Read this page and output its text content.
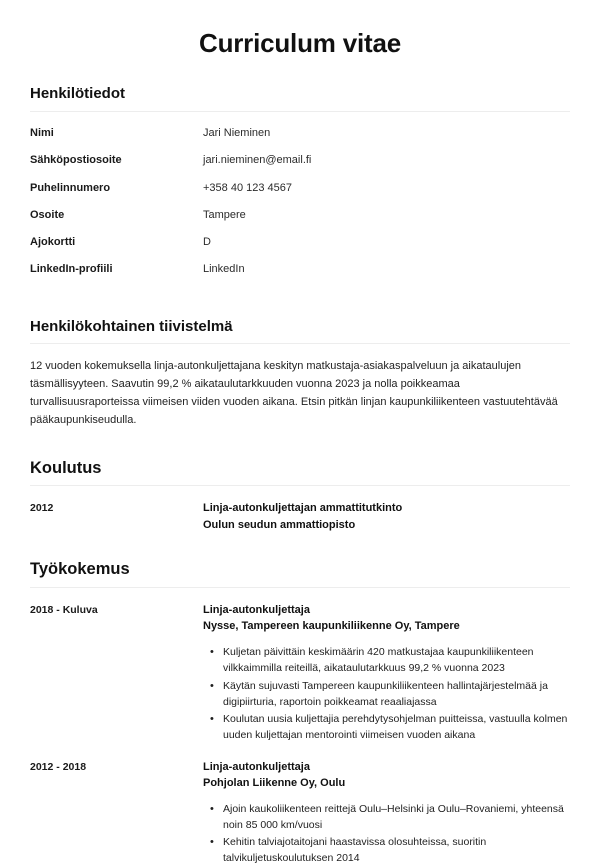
Curriculum vitae
Henkilötiedot
Nimi	Jari Nieminen
Sähköpostiosoite	jari.nieminen@email.fi
Puhelinnumero	+358 40 123 4567
Osoite	Tampere
Ajokortti	D
LinkedIn-profiili	LinkedIn
Henkilökohtainen tiivistelmä

12 vuoden kokemuksella linja-autonkuljettajana keskityn matkustaja-asiakaspalveluun ja aikataulujen täsmällisyyteen. Saavutin 99,2 % aikataulutarkkuuden vuonna 2023 ja nolla poikkeamaa turvallisuusraporteissa viimeisen viiden vuoden aikana. Etsin pitkän linjan kaupunkiliikenteen vastuutehtävää pääkaupunkiseudulla.

Koulutus
2012	Linja-autonkuljettajan ammattitutkinto
Oulun seudun ammattiopisto
Työkokemus
2018 - Kuluva	Linja-autonkuljettaja
Nysse, Tampereen kaupunkiliikenne Oy, Tampere
• Kuljetan päivittäin keskimäärin 420 matkustajaa kaupunkiliikenteen vilkkaimmilla reiteillä, aikataulutarkkuus 99,2 % vuonna 2023
• Käytän sujuvasti Tampereen kaupunkiliikenteen hallintajärjestelmää ja digipiirturia, raportoin poikkeamat reaaliajassa
• Koulutan uusia kuljettajia perehdytysohjelman puitteissa, vastuulla kolmen uuden kuljettajan mentorointi viimeisen vuoden aikana
2012 - 2018	Linja-autonkuljettaja
Pohjolan Liikenne Oy, Oulu
• Ajoin kaukoliikenteen reittejä Oulu–Helsinki ja Oulu–Rovaniemi, yhteensä noin 85 000 km/vuosi
• Kehitin talviajotaitojani haastavissa olosuhteissa, suoritin talvikuljetuskoulutuksen 2014
